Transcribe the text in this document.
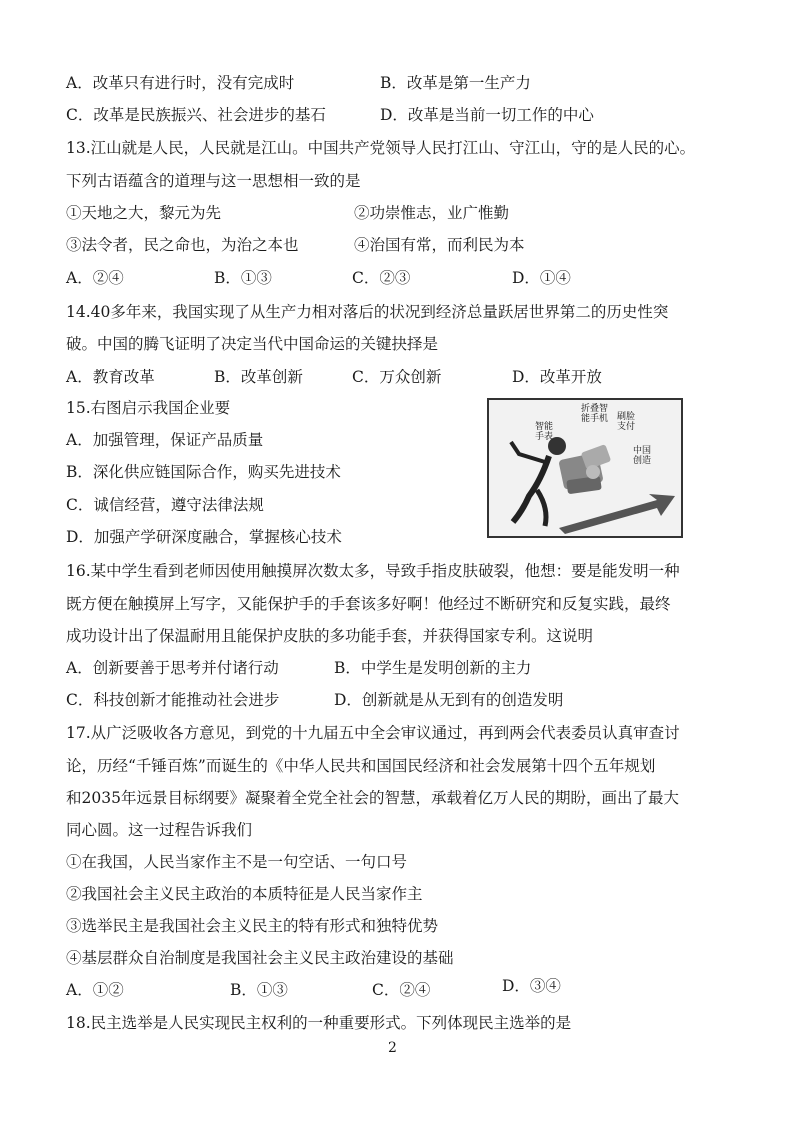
A．改革只有进行时，没有完成时	B．改革是第一生产力
C．改革是民族振兴、社会进步的基石	D．改革是当前一切工作的中心
13.江山就是人民，人民就是江山。中国共产党领导人民打江山、守江山，守的是人民的心。
下列古语蕴含的道理与这一思想相一致的是
①天地之大，黎元为先	②功崇惟志，业广惟勤
③法令者，民之命也，为治之本也	④治国有常，而利民为本
A．②④	B．①③	C．②③	D．①④
14.40多年来，我国实现了从生产力相对落后的状况到经济总量跃居世界第二的历史性突
破。中国的腾飞证明了决定当代中国命运的关键抉择是
A．教育改革	B．改革创新	C．万众创新	D．改革开放
15.右图启示我国企业要
A．加强管理，保证产品质量
B．深化供应链国际合作，购买先进技术
C．诚信经营，遵守法律法规
D．加强产学研深度融合，掌握核心技术
智能
手表
折叠智
能手机 刷脸
支付
中国
创造
16.某中学生看到老师因使用触摸屏次数太多，导致手指皮肤破裂，他想：要是能发明一种
既方便在触摸屏上写字，又能保护手的手套该多好啊！他经过不断研究和反复实践，最终
成功设计出了保温耐用且能保护皮肤的多功能手套，并获得国家专利。这说明
A．创新要善于思考并付诸行动	B．中学生是发明创新的主力
C．科技创新才能推动社会进步	D．创新就是从无到有的创造发明
17.从广泛吸收各方意见，到党的十九届五中全会审议通过，再到两会代表委员认真审查讨
论，历经“千锤百炼”而诞生的《中华人民共和国国民经济和社会发展第十四个五年规划
和2035年远景目标纲要》凝聚着全党全社会的智慧，承载着亿万人民的期盼，画出了最大
同心圆。这一过程告诉我们
①在我国，人民当家作主不是一句空话、一句口号
②我国社会主义民主政治的本质特征是人民当家作主
③选举民主是我国社会主义民主的特有形式和独特优势
④基层群众自治制度是我国社会主义民主政治建设的基础
A．①②	B．①③	C．②④	D．③④
18.民主选举是人民实现民主权利的一种重要形式。下列体现民主选举的是
2
